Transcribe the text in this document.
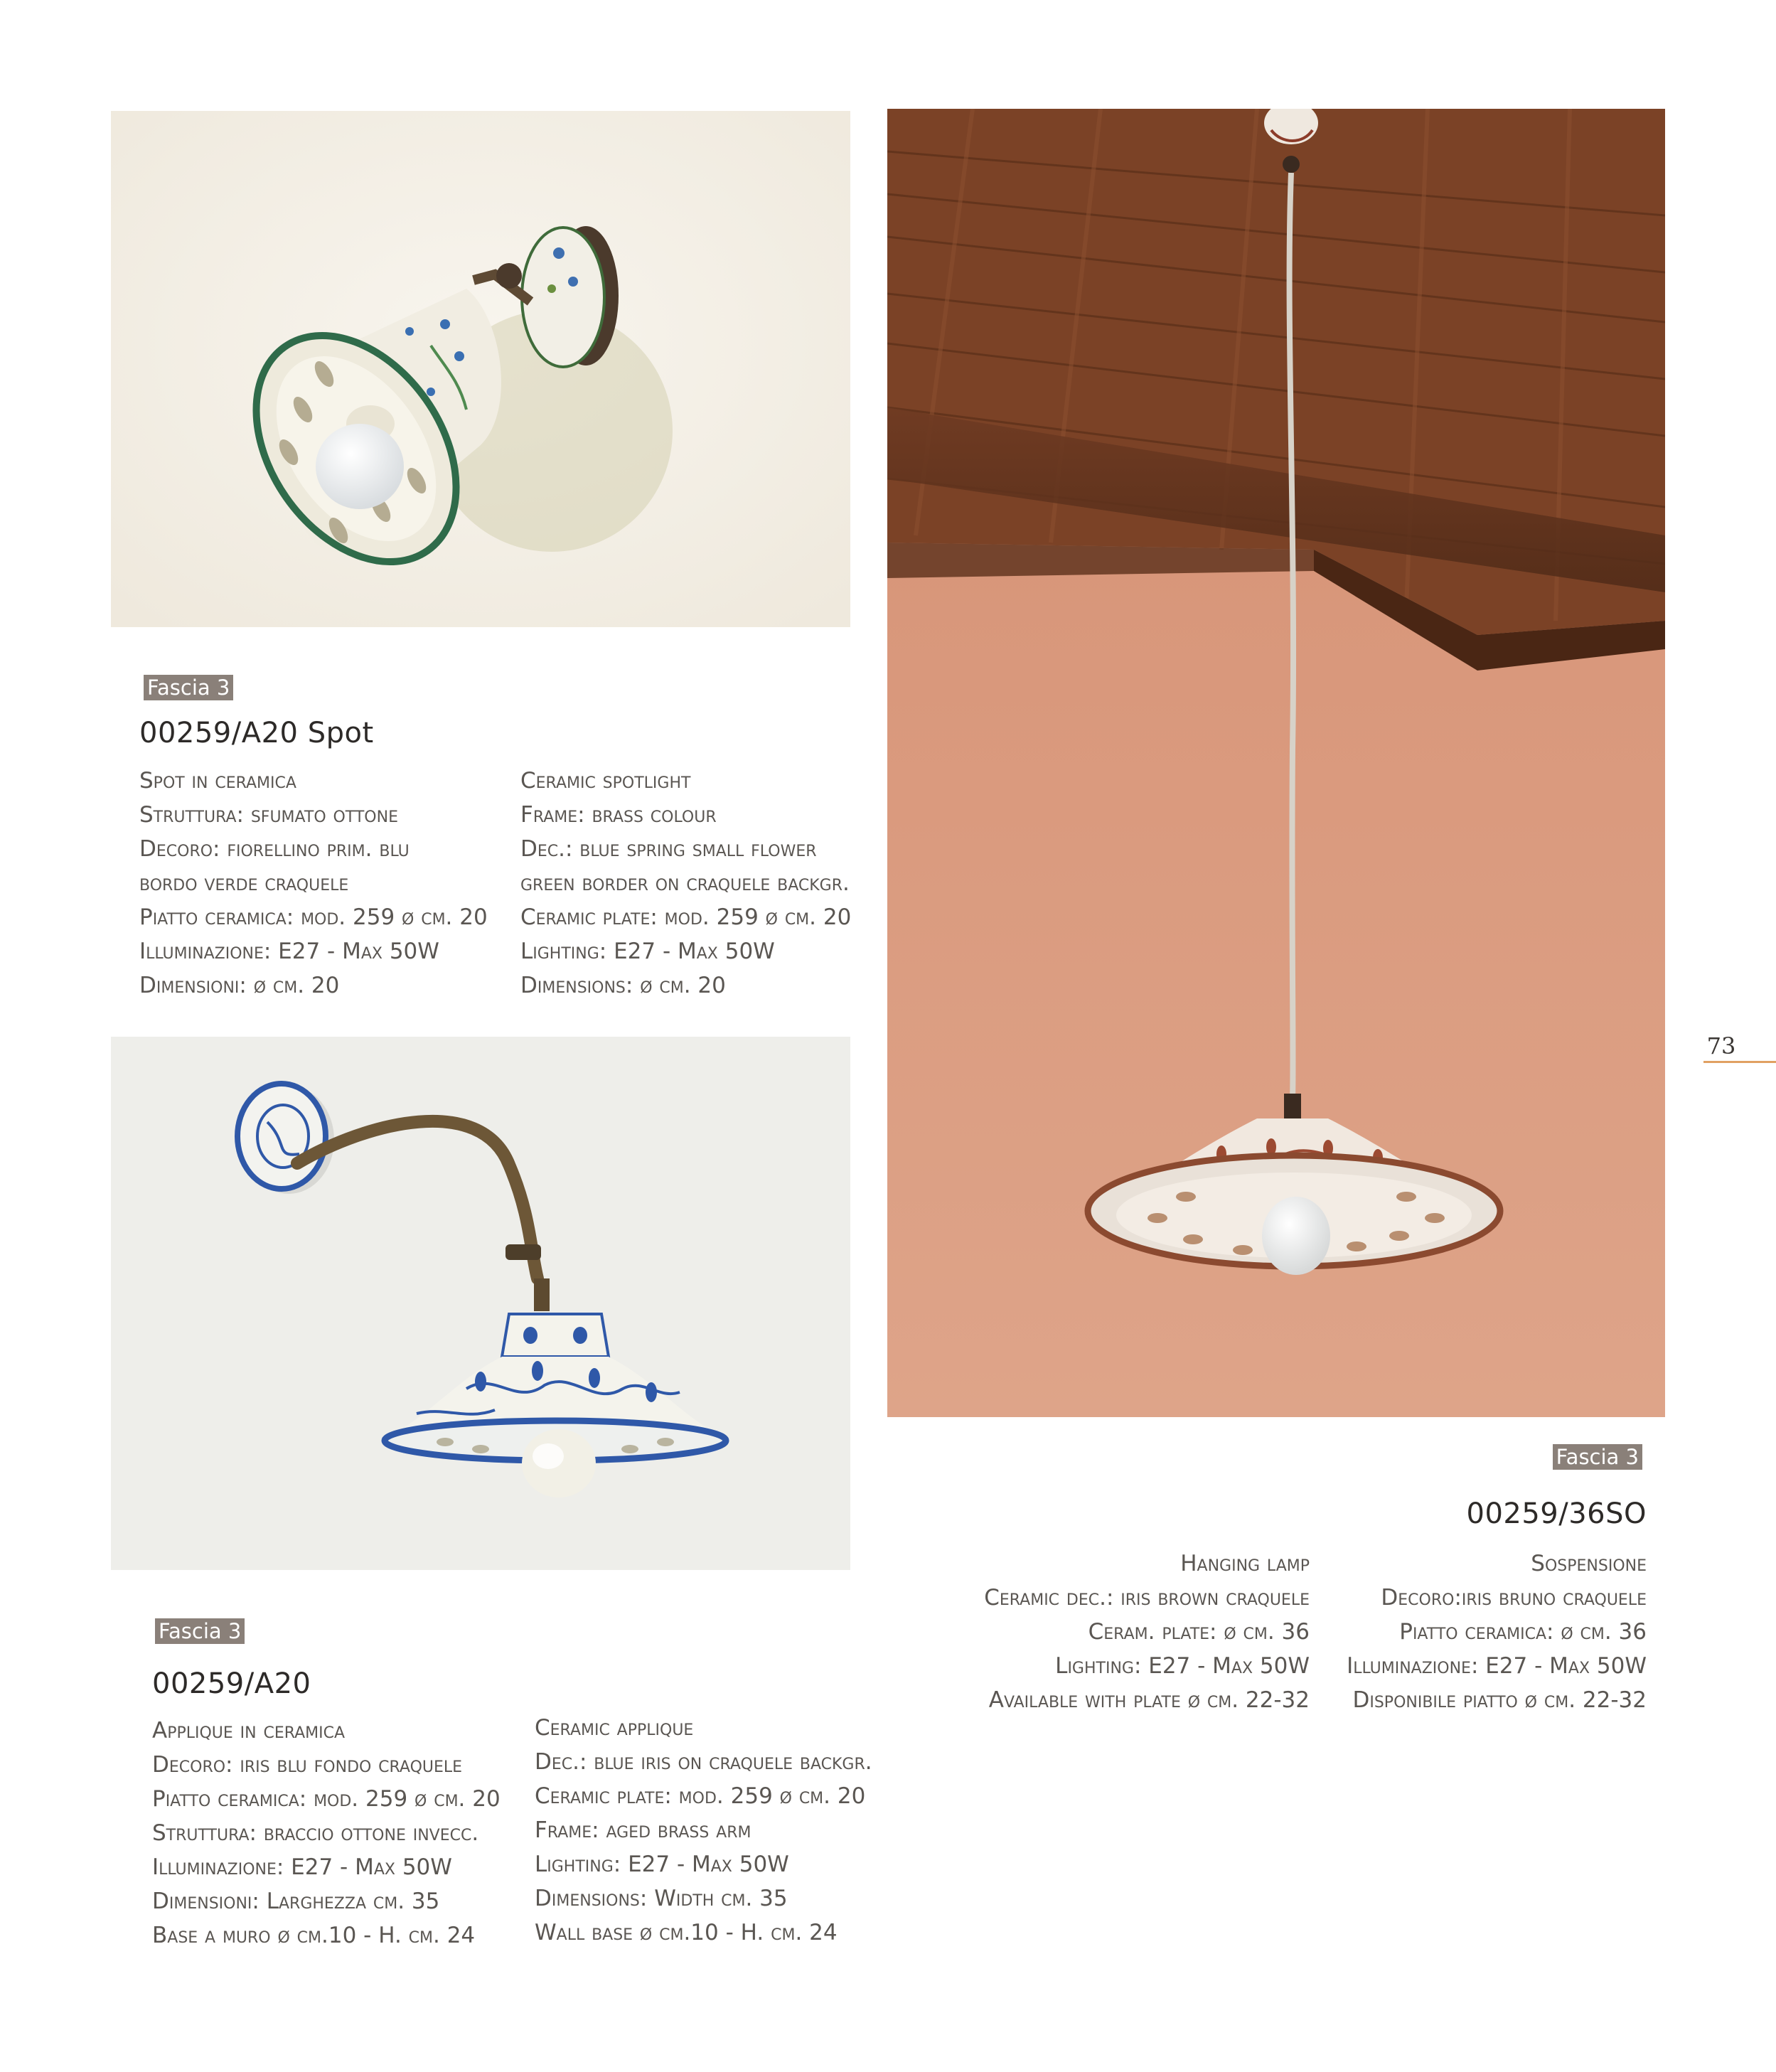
Fascia 3
00259/A20 Spot
Spot in ceramica
Struttura: sfumato ottone
Decoro: fiorellino prim. blu
bordo verde craquele
Piatto ceramica: mod. 259 ø cm. 20
Illuminazione: E27 - Max 50W
Dimensioni: ø cm. 20
Ceramic spotlight
Frame: brass colour
Dec.: blue spring small flower
green border on craquele backgr.
Ceramic plate: mod. 259 ø cm. 20
Lighting: E27 - Max 50W
Dimensions: ø cm. 20
Fascia 3
00259/A20
Applique in ceramica
Decoro: iris blu fondo craquele
Piatto ceramica: mod. 259 ø cm. 20
Struttura: braccio ottone invecc.
Illuminazione: E27 - Max 50W
Dimensioni: Larghezza cm. 35
Base a muro ø cm.10 - H. cm. 24
Ceramic applique
Dec.: blue iris on craquele backgr.
Ceramic plate: mod. 259 ø cm. 20
Frame: aged brass arm
Lighting: E27 - Max 50W
Dimensions: Width cm. 35
Wall base ø cm.10 - H. cm. 24
Fascia 3
00259/36SO
Hanging lamp
Ceramic dec.: iris brown craquele
Ceram. plate: ø cm. 36
Lighting: E27 - Max 50W
Available with plate ø cm. 22-32
Sospensione
Decoro:iris bruno craquele
Piatto ceramica: ø cm. 36
Illuminazione: E27 - Max 50W
Disponibile piatto ø cm. 22-32
73
